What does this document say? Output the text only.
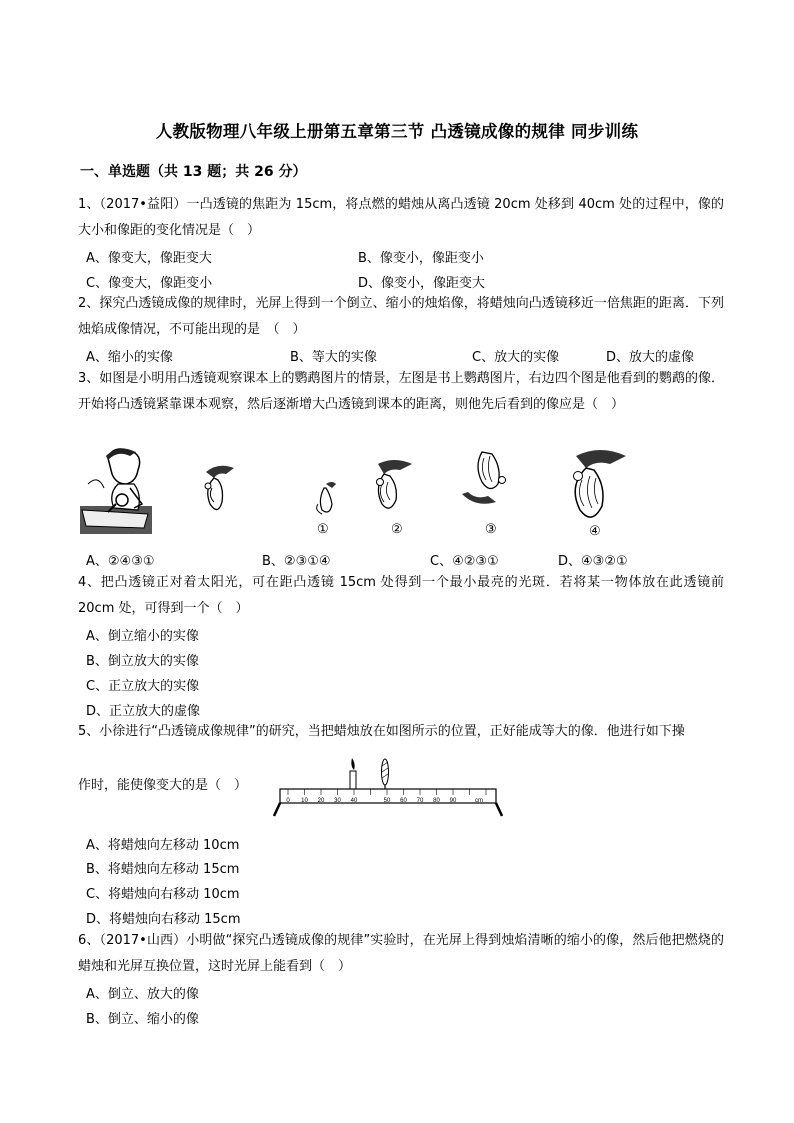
人教版物理八年级上册第五章第三节 凸透镜成像的规律 同步训练
一、单选题（共 13 题；共 26 分）
1、（2017•益阳）一凸透镜的焦距为 15cm，将点燃的蜡烛从离凸透镜 20cm 处移到 40cm 处的过程中，像的大小和像距的变化情况是（　）
A、像变大，像距变大	B、像变小，像距变小
C、像变大，像距变小	D、像变小，像距变大
2、探究凸透镜成像的规律时，光屏上得到一个倒立、缩小的烛焰像，将蜡烛向凸透镜移近一倍焦距的距离．下列烛焰成像情况，不可能出现的是　（　）
A、缩小的实像	B、等大的实像	C、放大的实像	D、放大的虚像
3、如图是小明用凸透镜观察课本上的鹦鹉图片的情景，左图是书上鹦鹉图片，右边四个图是他看到的鹦鹉的像．开始将凸透镜紧靠课本观察，然后逐渐增大凸透镜到课本的距离，则他先后看到的像应是（　）
①	②	③	④
A、②④③①	B、②③①④	C、④②③①	D、④③②①
4、把凸透镜正对着太阳光，可在距凸透镜 15cm 处得到一个最小最亮的光斑．若将某一物体放在此透镜前 20cm 处，可得到一个（　）
A、倒立缩小的实像
B、倒立放大的实像
C、正立放大的实像
D、正立放大的虚像
5、小徐进行“凸透镜成像规律”的研究，当把蜡烛放在如图所示的位置，正好能成等大的像．他进行如下操
作时，能使像变大的是（　）
0 10 20 30 40	50 60 70 80 90	cm
A、将蜡烛向左移动 10cm
B、将蜡烛向左移动 15cm
C、将蜡烛向右移动 10cm
D、将蜡烛向右移动 15cm
6、（2017•山西）小明做“探究凸透镜成像的规律”实验时，在光屏上得到烛焰清晰的缩小的像，然后他把燃烧的蜡烛和光屏互换位置，这时光屏上能看到（　）
A、倒立、放大的像
B、倒立、缩小的像
